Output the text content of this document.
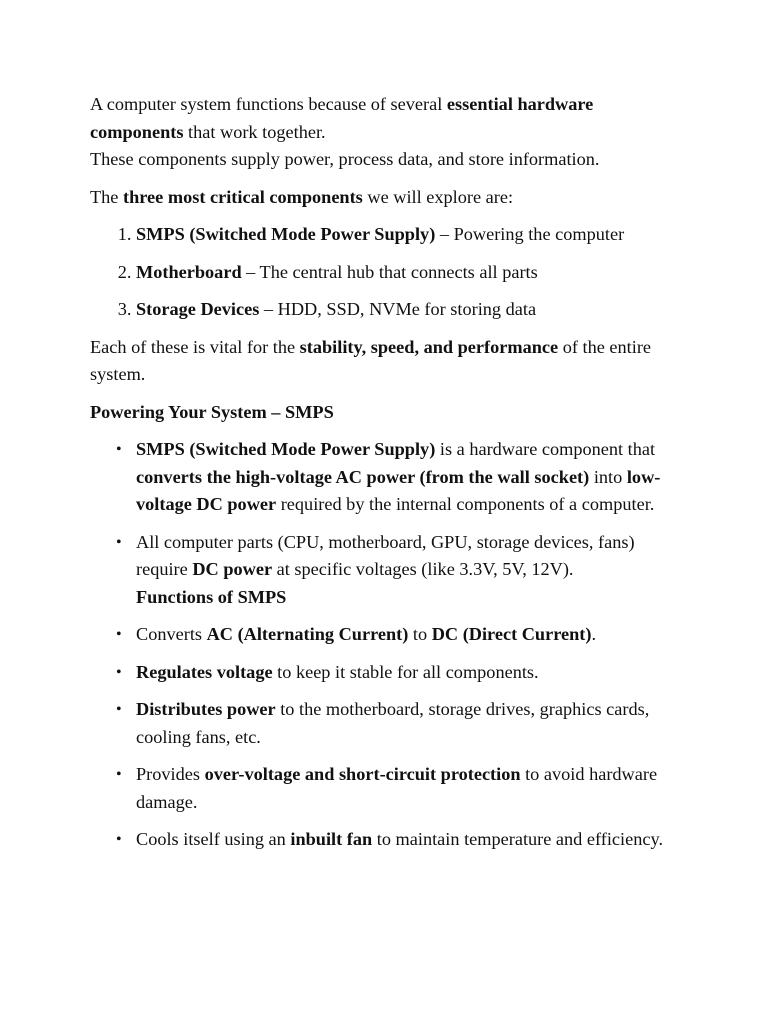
A computer system functions because of several essential hardware components that work together.

These components supply power, process data, and store information.

The three most critical components we will explore are:

1. SMPS (Switched Mode Power Supply) – Powering the computer
2. Motherboard – The central hub that connects all parts
3. Storage Devices – HDD, SSD, NVMe for storing data

Each of these is vital for the stability, speed, and performance of the entire system.

Powering Your System – SMPS

• SMPS (Switched Mode Power Supply) is a hardware component that converts the high-voltage AC power (from the wall socket) into low-voltage DC power required by the internal components of a computer.
• All computer parts (CPU, motherboard, GPU, storage devices, fans) require DC power at specific voltages (like 3.3V, 5V, 12V).

Functions of SMPS

• Converts AC (Alternating Current) to DC (Direct Current).
• Regulates voltage to keep it stable for all components.
• Distributes power to the motherboard, storage drives, graphics cards, cooling fans, etc.
• Provides over-voltage and short-circuit protection to avoid hardware damage.
• Cools itself using an inbuilt fan to maintain temperature and efficiency.
